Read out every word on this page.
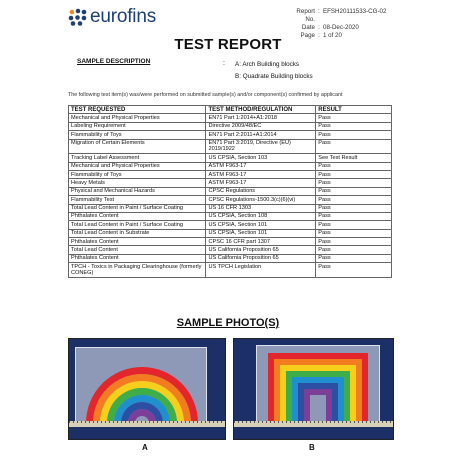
eurofins	Report No.
: EFSH20111533-CG-02
Date : 08-Dec-2020
Page : 1 of 20
TEST REPORT
SAMPLE DESCRIPTION	: A: Arch Building blocks
B: Quadrate Building blocks
The following test item(s) was/were performed on submitted sample(s) and/or component(s) confirmed by applicant
TEST REQUESTED	TEST METHOD/REGULATION	RESULT
Mechanical and Physical Properties	EN71 Part 1:2014+A1:2018	Pass
Labeling Requirement	Directive 2009/48/EC	Pass
Flammability of Toys	EN71 Part 2:2011+A1:2014	Pass
Migration of Certain Elements	EN71 Part 3:2019, Directive (EU) 2019/1922	Pass
Tracking Label Assessment	US CPSIA, Section 103	See Test Result
Mechanical and Physical Properties	ASTM F963-17	Pass
Flammability of Toys	ASTM F963-17	Pass
Heavy Metals	ASTM F963-17	Pass
Physical and Mechanical Hazards	CPSC Regulations	Pass
Flammability Test	CPSC Regulations-1500.3(c)(6)(vi)	Pass
Total Lead Content in Paint / Surface Coating	US 16 CFR 1303	Pass
Phthalates Content	US CPSIA, Section 108	Pass
Total Lead Content in Paint / Surface Coating	US CPSIA, Section 101	Pass
Total Lead Content in Substrate	US CPSIA, Section 101	Pass
Phthalates Content	CPSC 16 CFR part 1307	Pass
Total Lead Content	US California Proposition 65	Pass
Phthalates Content	US California Proposition 65	Pass
TPCH - Toxics in Packaging Clearinghouse (formerly CONEG)	US TPCH Legislation	Pass
SAMPLE PHOTO(S)
A	B
